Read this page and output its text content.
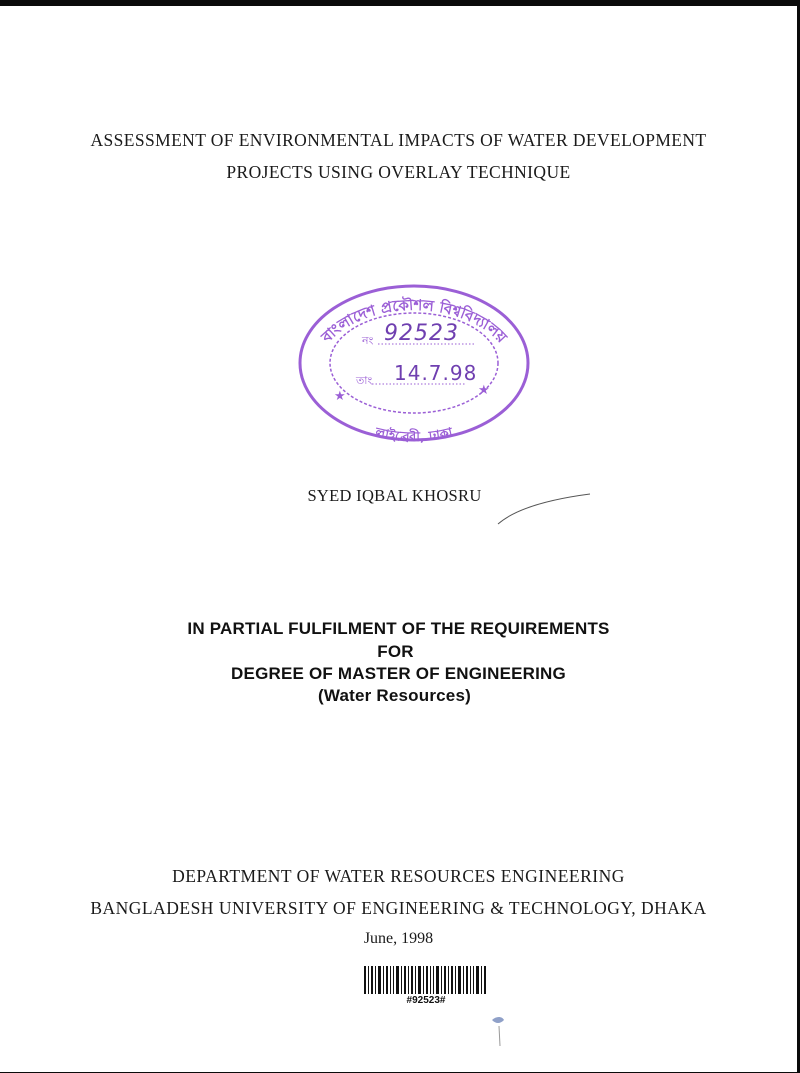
ASSESSMENT OF ENVIRONMENTAL IMPACTS OF WATER DEVELOPMENT
PROJECTS USING OVERLAY TECHNIQUE
বাংলাদেশ প্রকৌশল বিশ্ববিদ্যালয়
নং 92523
তাং 14.7.98
★	★
লাইব্রেরী, ঢাকা
SYED IQBAL KHOSRU
IN PARTIAL FULFILMENT OF THE REQUIREMENTS
FOR
DEGREE OF MASTER OF ENGINEERING
(Water Resources)
DEPARTMENT OF WATER RESOURCES ENGINEERING
BANGLADESH UNIVERSITY OF ENGINEERING & TECHNOLOGY, DHAKA
June, 1998
#92523#
